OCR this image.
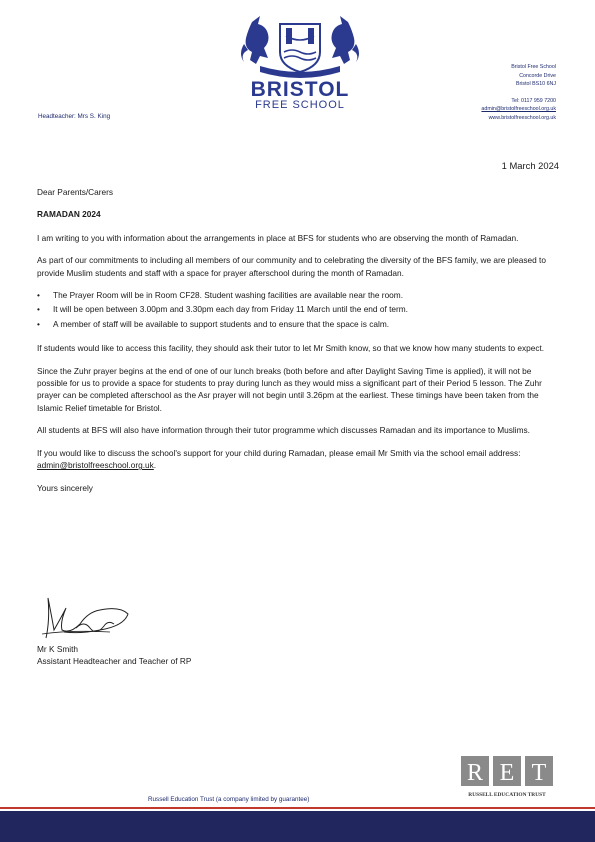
BRISTOL
FREE SCHOOL
Headteacher: Mrs S. King
Bristol Free School
Concorde Drive
Bristol BS10 6NJ
Tel: 0117 959 7200
admin@bristolfreeschool.org.uk
www.bristolfreeschool.org.uk
1 March 2024

Dear Parents/Carers

RAMADAN 2024

I am writing to you with information about the arrangements in place at BFS for students who are observing the month of Ramadan.

As part of our commitments to including all members of our community and to celebrating the diversity of the BFS family, we are pleased to provide Muslim students and staff with a space for prayer afterschool during the month of Ramadan.

• The Prayer Room will be in Room CF28. Student washing facilities are available near the room.
• It will be open between 3.00pm and 3.30pm each day from Friday 11 March until the end of term.
• A member of staff will be available to support students and to ensure that the space is calm.

If students would like to access this facility, they should ask their tutor to let Mr Smith know, so that we know how many students to expect.

Since the Zuhr prayer begins at the end of one of our lunch breaks (both before and after Daylight Saving Time is applied), it will not be possible for us to provide a space for students to pray during lunch as they would miss a significant part of their Period 5 lesson. The Zuhr prayer can be completed afterschool as the Asr prayer will not begin until 3.26pm at the earliest. These timings have been taken from the Islamic Relief timetable for Bristol.

All students at BFS will also have information through their tutor programme which discusses Ramadan and its importance to Muslims.

If you would like to discuss the school's support for your child during Ramadan, please email Mr Smith via the school email address: admin@bristolfreeschool.org.uk.

Yours sincerely

Mr K Smith
Assistant Headteacher and Teacher of RP
R E T
RUSSELL EDUCATION TRUST
Russell Education Trust (a company limited by guarantee)
